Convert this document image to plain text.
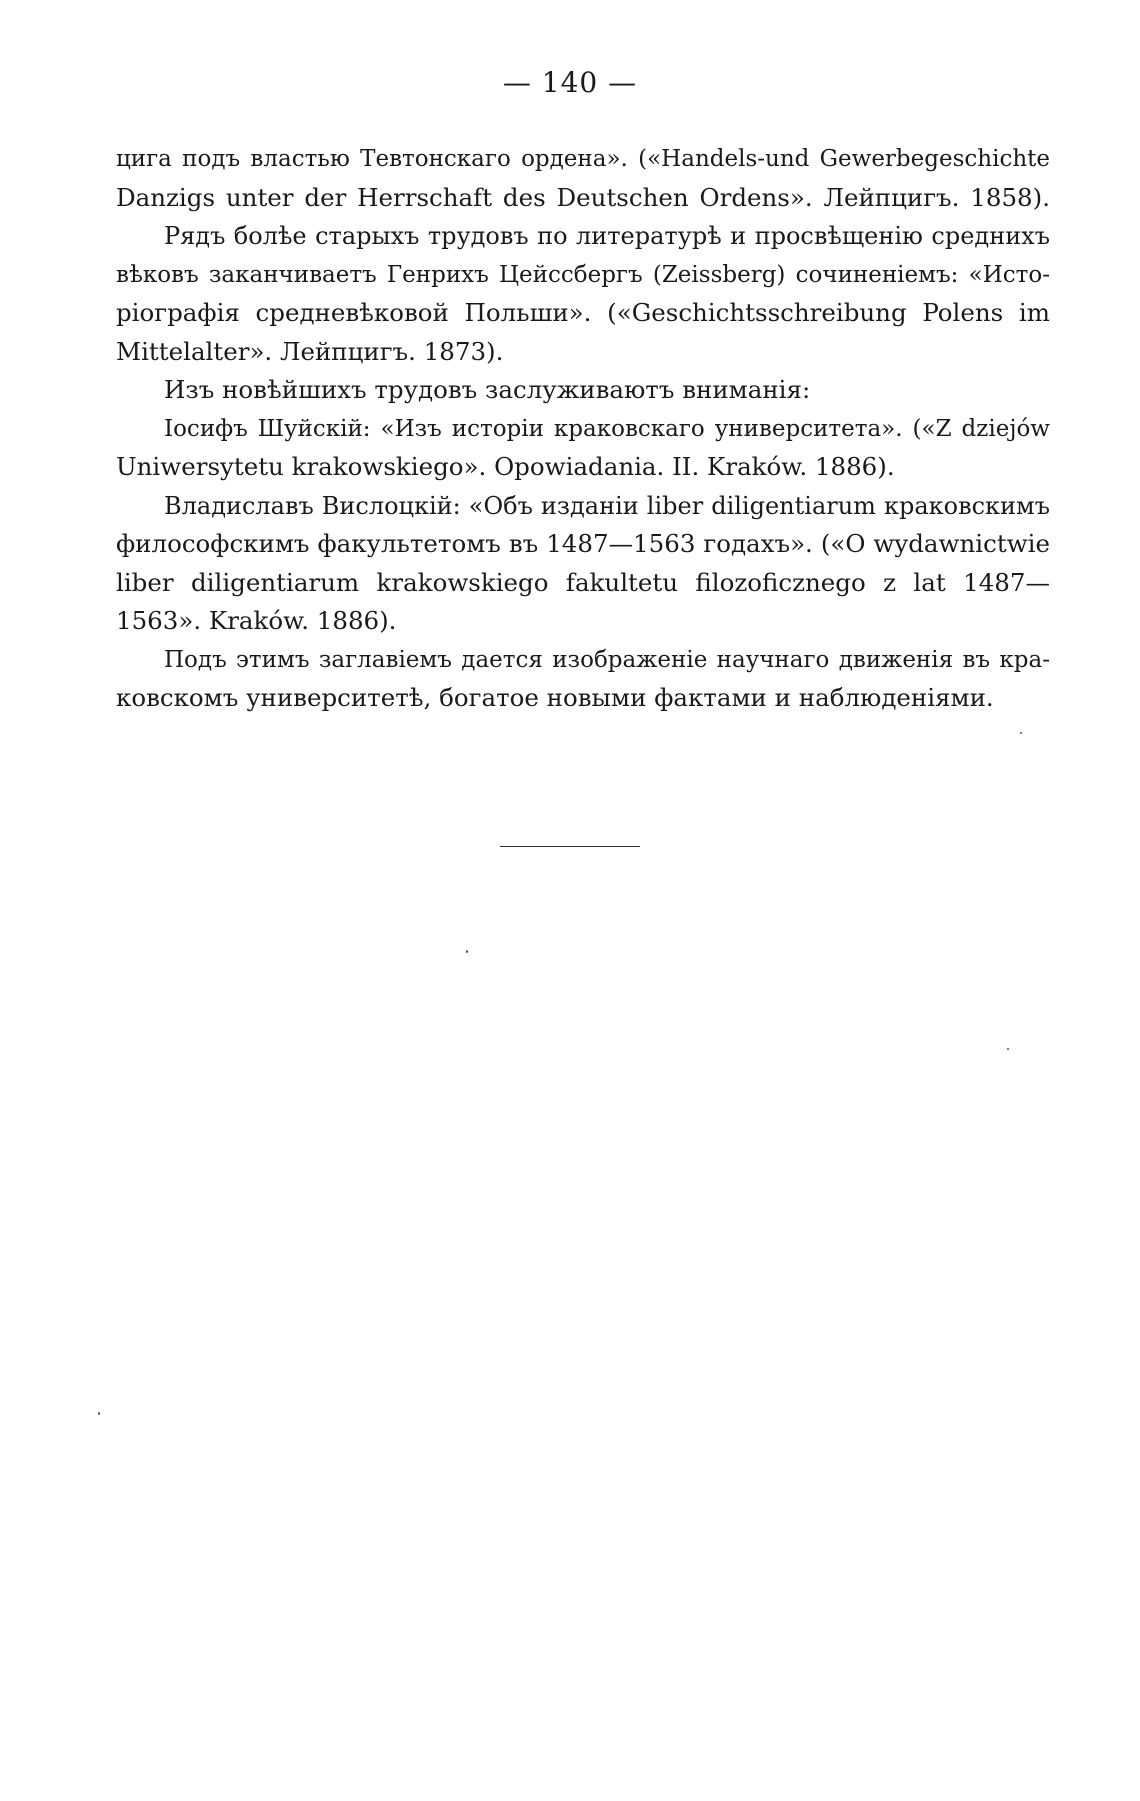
— 140 —
цига подъ властью Тевтонскаго ордена». («Handels-und Gewerbegeschichte
Danzigs unter der Herrschaft des Deutschen Ordens». Лейпцигъ. 1858).
Рядъ болѣе старыхъ трудовъ по литературѣ и просвѣщенію среднихъ
вѣковъ заканчиваетъ Генрихъ Цейссбергъ (Zeissberg) сочиненіемъ: «Исто-
ріографія средневѣковой Польши». («Geschichtsschreibung Polens im
Mittelalter». Лейпцигъ. 1873).
Изъ новѣйшихъ трудовъ заслуживаютъ вниманія:
Іосифъ Шуйскій: «Изъ исторіи краковскаго университета». («Z dziejów
Uniwersytetu krakowskiego». Opowiadania. II. Kraków. 1886).
Владиславъ Вислоцкій: «Объ изданіи liber diligentiarum краковскимъ
философскимъ факультетомъ въ 1487—1563 годахъ». («O wydawnictwie
liber diligentiarum krakowskiego fakultetu filozoficznego z lat 1487—
1563». Kraków. 1886).
Подъ этимъ заглавіемъ дается изображеніе научнаго движенія въ кра-
ковскомъ университетѣ, богатое новыми фактами и наблюденіями.
